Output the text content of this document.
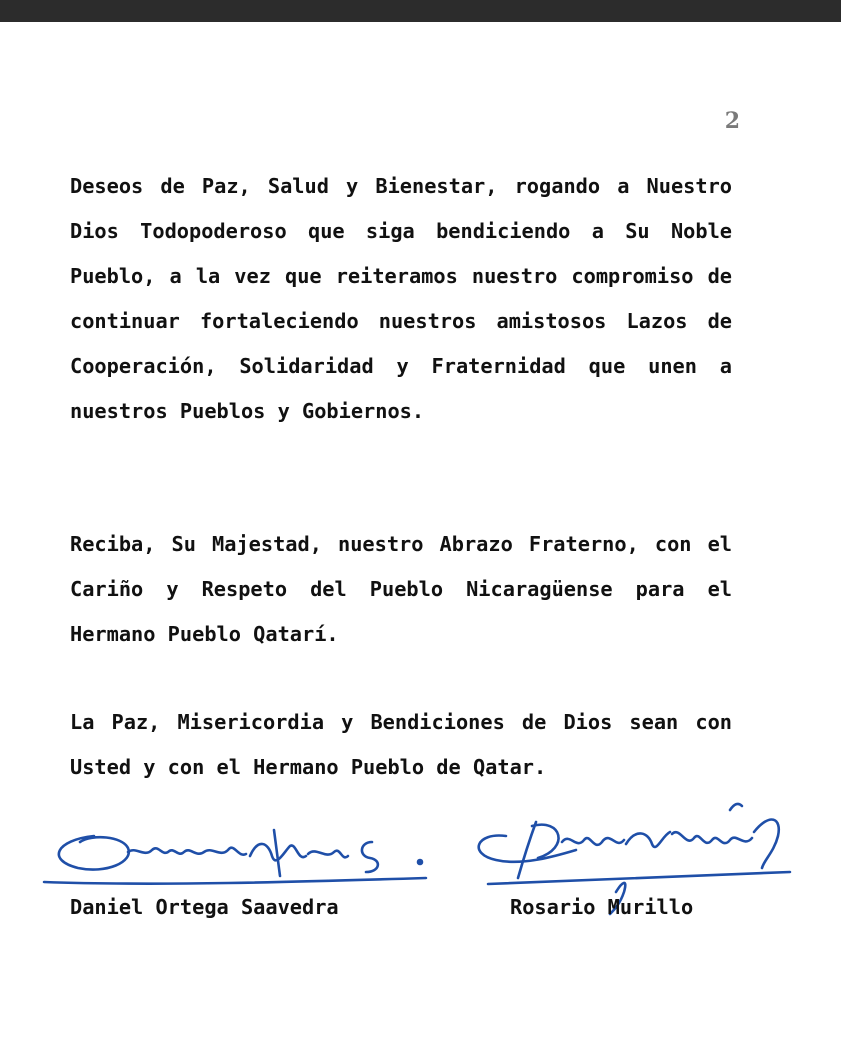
2

Deseos de Paz, Salud y Bienestar, rogando a Nuestro Dios Todopoderoso que siga bendiciendo a Su Noble Pueblo, a la vez que reiteramos nuestro compromiso de continuar fortaleciendo nuestros amistosos Lazos de Cooperación, Solidaridad y Fraternidad que unen a nuestros Pueblos y Gobiernos.

Reciba, Su Majestad, nuestro Abrazo Fraterno, con el Cariño y Respeto del Pueblo Nicaragüense para el Hermano Pueblo Qatarí.

La Paz, Misericordia y Bendiciones de Dios sean con Usted y con el Hermano Pueblo de Qatar.

Daniel Ortega Saavedra	Rosario Murillo
